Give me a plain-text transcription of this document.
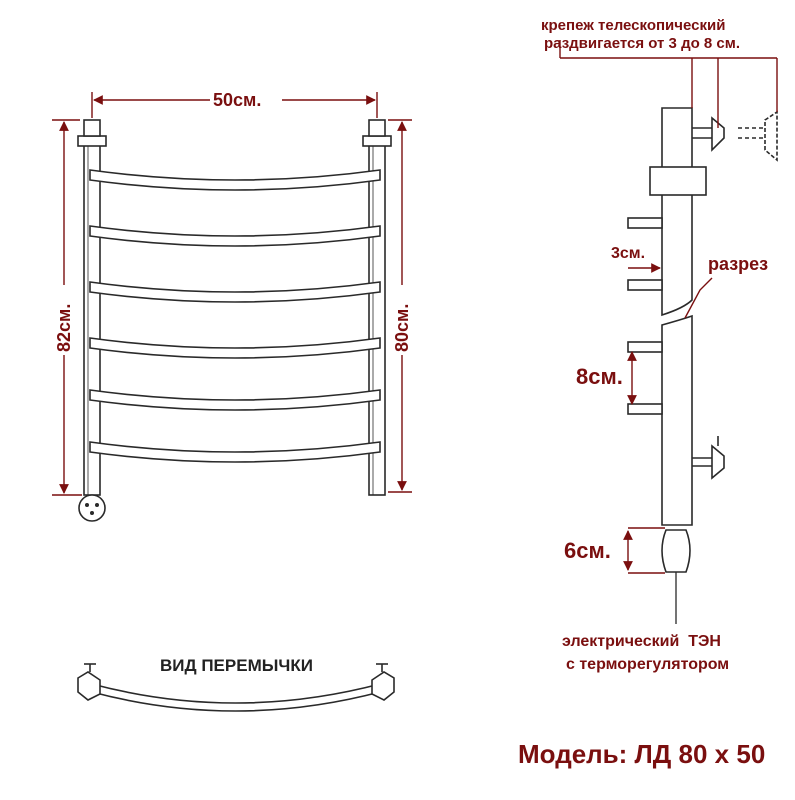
50см.
82см.	80см.
крепеж телескопический
раздвигается от 3 до 8 см.
3см.
разрез
8см.
6см.
электрический  ТЭН
с терморегулятором
ВИД ПЕРЕМЫЧКИ
Модель: ЛД 80 х 50
